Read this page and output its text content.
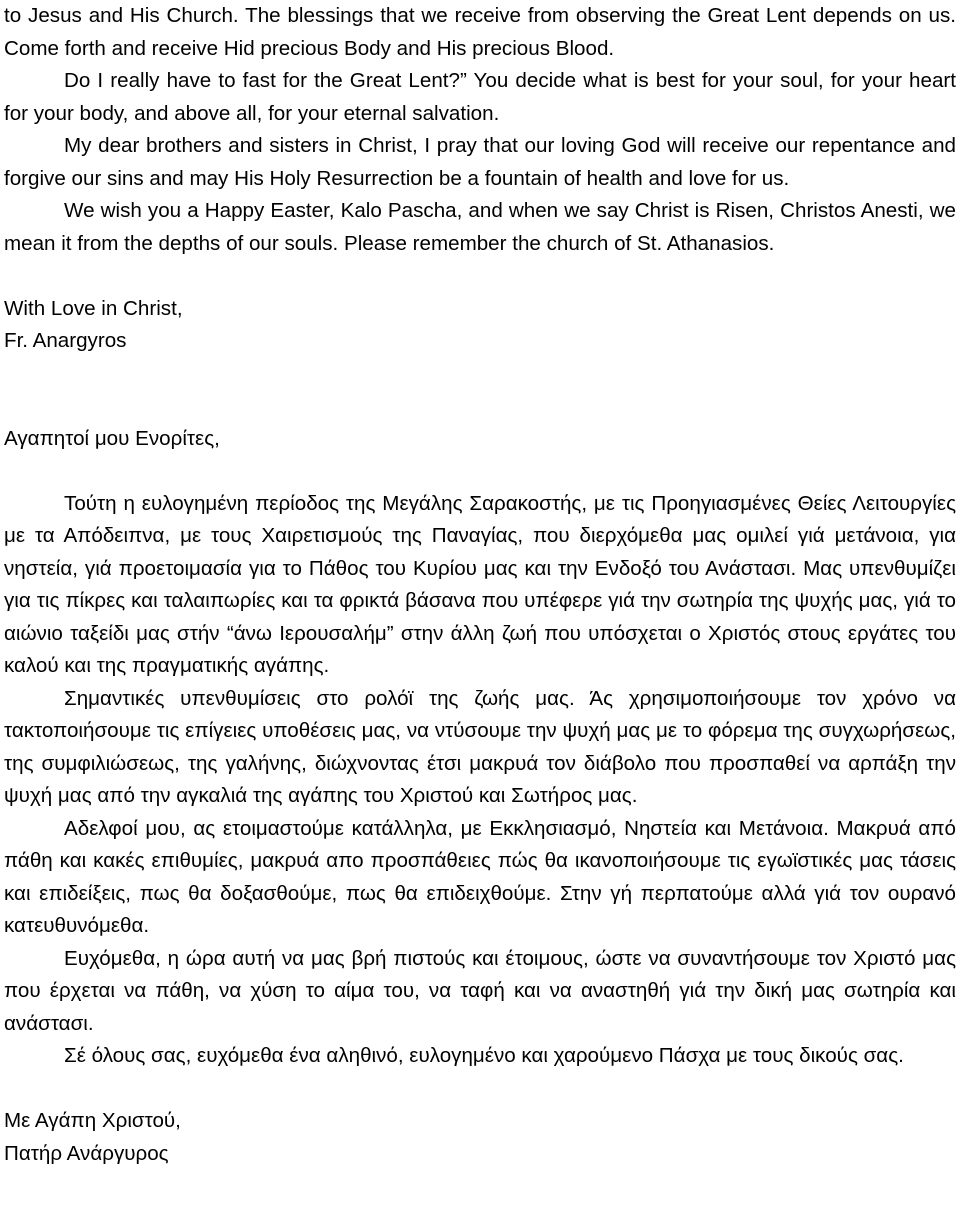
to Jesus and His Church. The blessings that we receive from observing the Great Lent depends on us. Come forth and receive Hid precious Body and His precious Blood.

Do I really have to fast for the Great Lent?” You decide what is best for your soul, for your heart for your body, and above all, for your eternal salvation.

My dear brothers and sisters in Christ, I pray that our loving God will receive our repentance and forgive our sins and may His Holy Resurrection be a fountain of health and love for us.

We wish you a Happy Easter, Kalo Pascha, and when we say Christ is Risen, Christos Anesti, we mean it from the depths of our souls. Please remember the church of St. Athanasios.

With Love in Christ,

Fr. Anargyros

Αγαπητοί μου Ενορίτες,

Τούτη η ευλογημένη περίοδος της Μεγάλης Σαρακοστής, με τις Προηγιασμένες Θείες Λειτουργίες με τα Απόδειπνα, με τους Χαιρετισμούς της Παναγίας, που διερχόμεθα μας ομιλεί γιά μετάνοια, για νηστεία, γιά προετοιμασία για το Πάθος του Κυρίου μας και την Ενδοξό του Ανάστασι. Μας υπενθυμίζει για τις πίκρες και ταλαιπωρίες και τα φρικτά βάσανα που υπέφερε γιά την σωτηρία της ψυχής μας, γιά το αιώνιο ταξείδι μας στήν “άνω Ιερουσαλήμ” στην άλλη ζωή που υπόσχεται ο Χριστός στους εργάτες του καλού και της πραγματικής αγάπης.

Σημαντικές υπενθυμίσεις στο ρολόϊ της ζωής μας. Άς χρησιμοποιήσουμε τον χρόνο να τακτοποιήσουμε τις επίγειες υποθέσεις μας, να ντύσουμε την ψυχή μας με το φόρεμα της συγχωρήσεως, της συμφιλιώσεως, της γαλήνης, διώχνοντας έτσι μακρυά τον διάβολο που προσπαθεί να αρπάξη την ψυχή μας από την αγκαλιά της αγάπης του Χριστού και Σωτήρος μας.

Αδελφοί μου, ας ετοιμαστούμε κατάλληλα, με Εκκλησιασμό, Νηστεία και Μετάνοια. Μακρυά από πάθη και κακές επιθυμίες, μακρυά απο προσπάθειες πώς θα ικανοποιήσουμε τις εγωϊστικές μας τάσεις και επιδείξεις, πως θα δοξασθούμε, πως θα επιδειχθούμε. Στην γή περπατούμε αλλά γιά τον ουρανό κατευθυνόμεθα.

Ευχόμεθα, η ώρα αυτή να μας βρή πιστούς και έτοιμους, ώστε να συναντήσουμε τον Χριστό μας που έρχεται να πάθη, να χύση το αίμα του, να ταφή και να αναστηθή γιά την δική μας σωτηρία και ανάστασι.

Σέ όλους σας, ευχόμεθα ένα αληθινό, ευλογημένο και χαρούμενο Πάσχα με τους δικούς σας.

Με Αγάπη Χριστού,

Πατήρ Ανάργυρος
